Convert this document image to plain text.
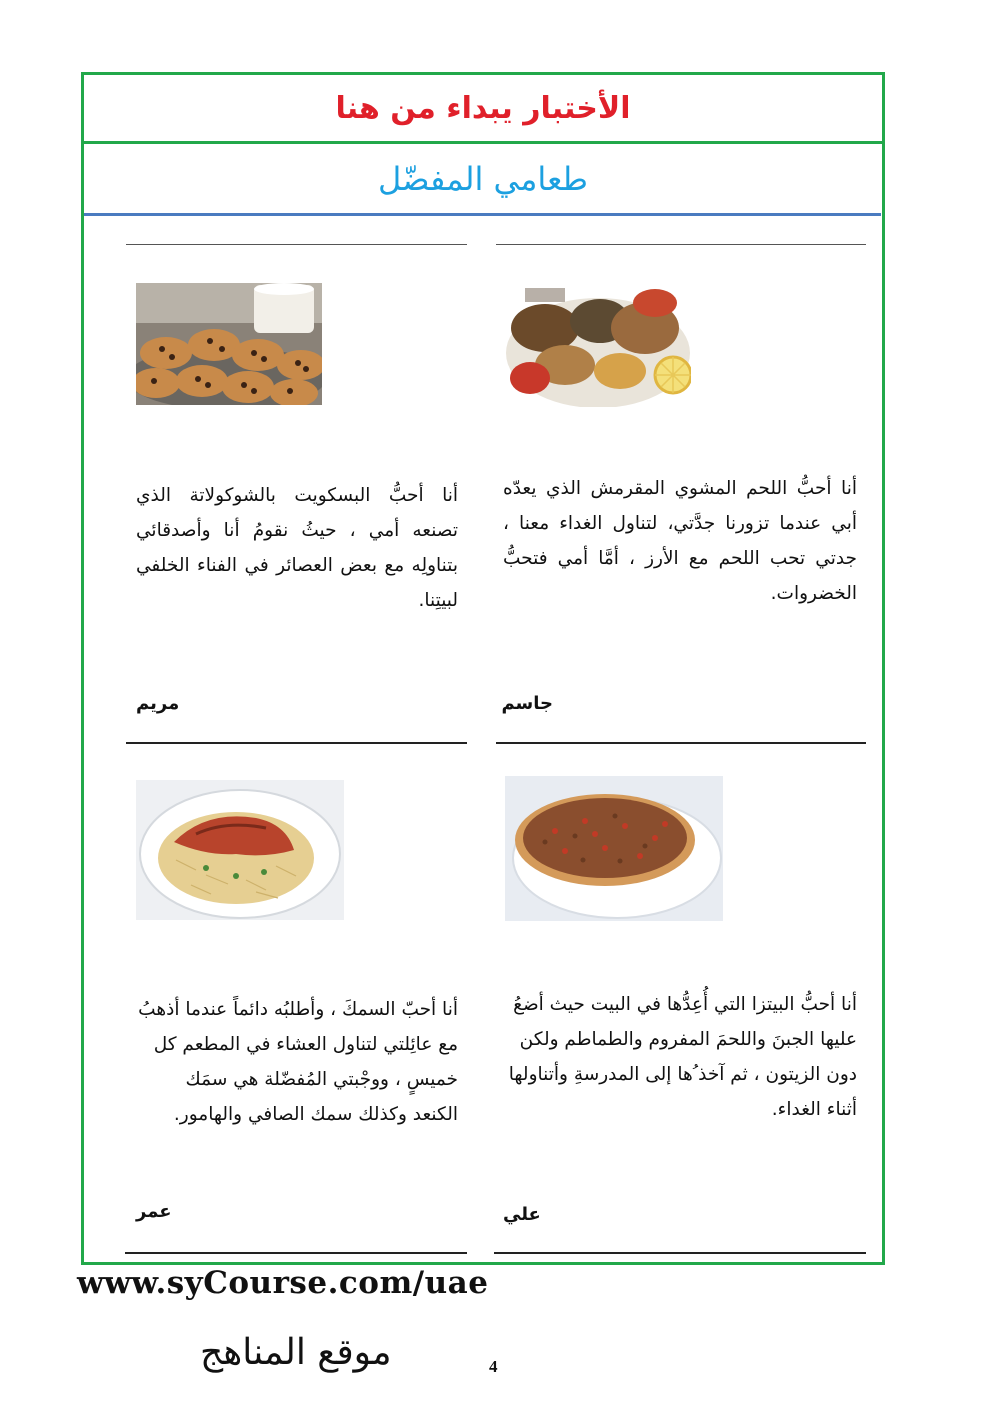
الأختبار يبداء من هنا
طعامي المفضّل
أنا أحبُّ اللحم المشوي المقرمش الذي يعدّه أبي عندما تزورنا جدَّتي، لتناول الغداء معنا ، جدتي تحب اللحم مع الأرز ، أمَّا أمي فتحبُّ الخضروات.
جاسم
أنا أحبُّ البسكويت بالشوكولاتة الذي تصنعه أمي ، حيثُ نقومُ أنا وأصدقائي بتناولِه مع بعض العصائر في الفناء الخلفي لبيتِنا.
مريم
أنا أحبُّ البيتزا التي أُعِدُّها في البيت حيث أضعُ عليها الجبنَ واللحمَ المفروم والطماطم ولكن دون الزيتون ، ثم آخذ ُها إلى المدرسةِ وأتناولها أثناء الغداء.
علي
أنا أحبّ السمكَ ، وأطلبُه دائماً عندما أذهبُ مع عائِلتي لتناول العشاء في المطعم كل خميسٍ ، ووجْبتي المُفضّلة هي سمَك الكنعد وكذلك سمك الصافي والهامور.
عمر
www.syCourse.com/uae
موقع المناهج	4
